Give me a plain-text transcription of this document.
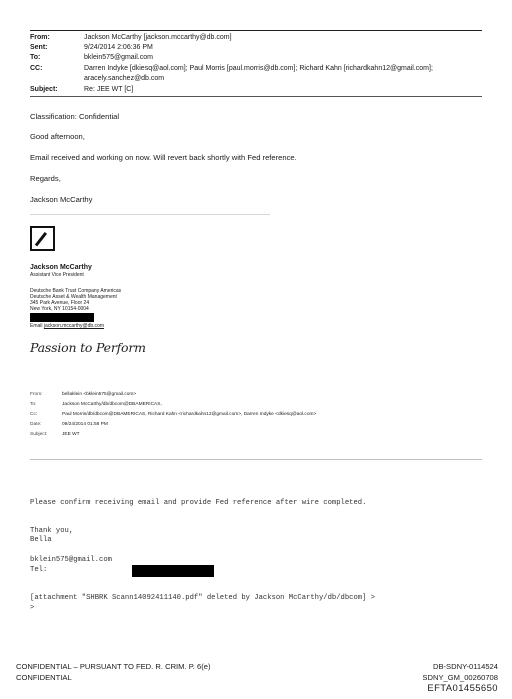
From:	Jackson McCarthy [jackson.mccarthy@db.com]
Sent:	9/24/2014 2:06:36 PM
To:	bklein575@gmail.com
CC:	Darren Indyke [dkiesq@aol.com]; Paul Morris [paul.morris@db.com]; Richard Kahn [richardkahn12@gmail.com];
aracely.sanchez@db.com
Subject:	Re: JEE WT [C]
Classification: Confidential
Good afternoon,
Email received and working on now. Will revert back shortly with Fed reference.
Regards,
Jackson McCarthy
Jackson McCarthy
Assistant Vice President
Deutsche Bank Trust Company Americas
Deutsche Asset & Wealth Management
345 Park Avenue, Floor 24
New York, NY 10154-0004
Email jackson.mccarthy@db.com
Passion to Perform
From:	bellaklein <bklein575@gmail.com>
To:	Jackson McCarthy/db/dbcom@DBAMERICAS,
Cc:	Paul Morris/db/dbcom@DBAMERICAS, Richard Kahn <richardkahn12@gmail.com>, Darren Indyke <dkiesq@aol.com>
Date:	09/24/2014 01:58 PM
Subject:	JEE WT
Please confirm receiving email and provide Fed reference after wire completed.
Thank you,
Bella
bklein575@gmail.com
Tel:
[attachment "SHBRK Scann14092411140.pdf" deleted by Jackson McCarthy/db/dbcom] >
>
CONFIDENTIAL – PURSUANT TO FED. R. CRIM. P. 6(e)
CONFIDENTIAL
DB-SDNY-0114524
SDNY_GM_00260708
EFTA01455650
